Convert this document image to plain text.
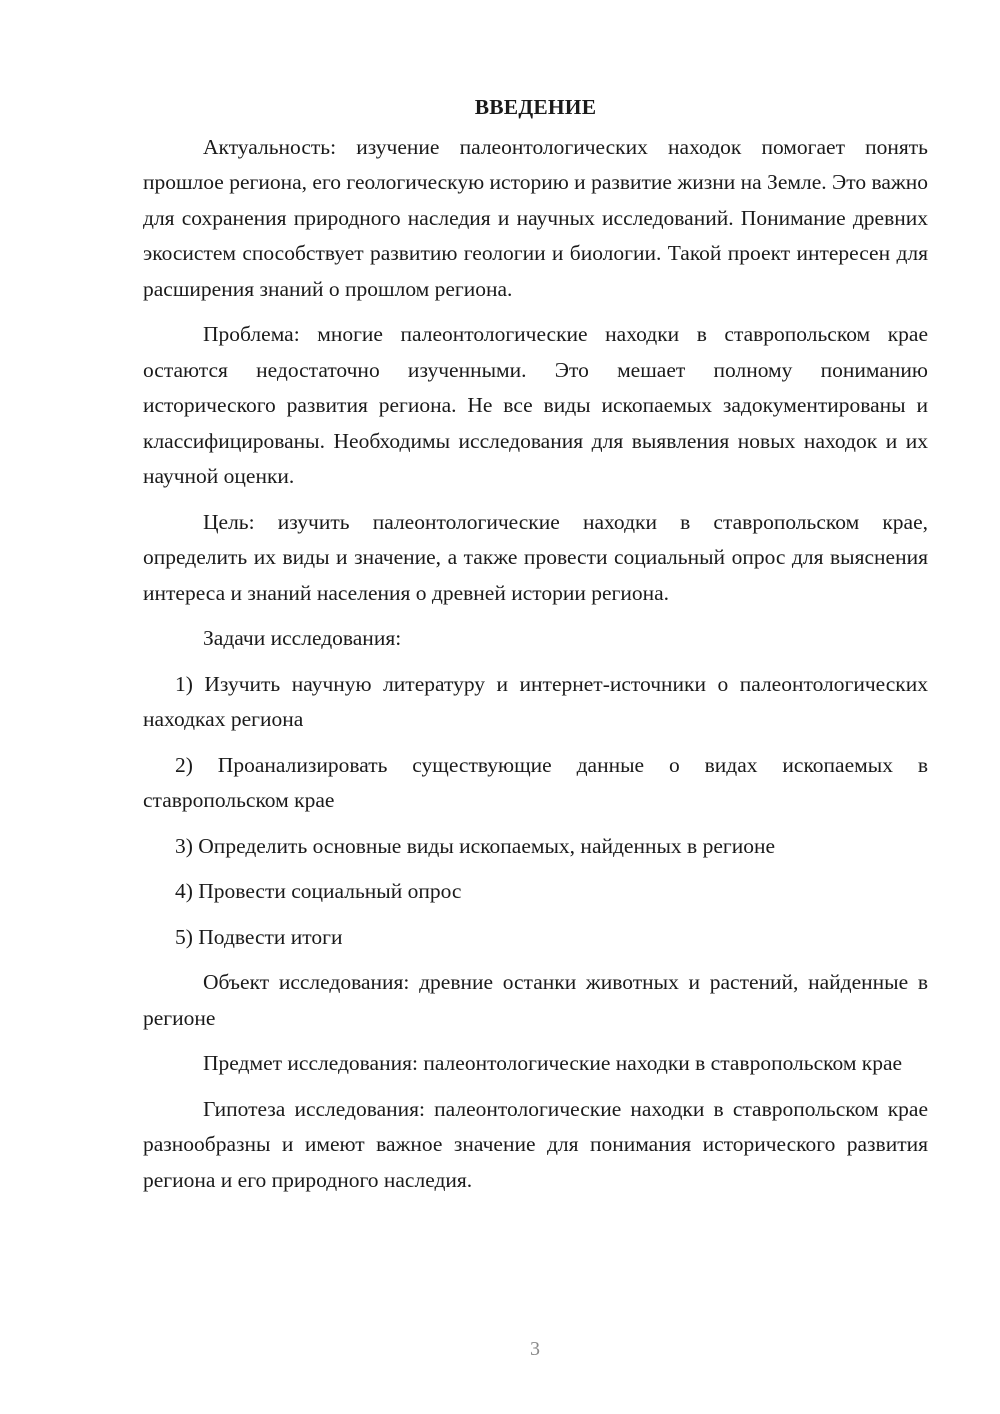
ВВЕДЕНИЕ

Актуальность: изучение палеонтологических находок помогает понять прошлое региона, его геологическую историю и развитие жизни на Земле. Это важно для сохранения природного наследия и научных исследований. Понимание древних экосистем способствует развитию геологии и биологии. Такой проект интересен для расширения знаний о прошлом региона.

Проблема: многие палеонтологические находки в ставропольском крае остаются недостаточно изученными. Это мешает полному пониманию исторического развития региона. Не все виды ископаемых задокументированы и классифицированы. Необходимы исследования для выявления новых находок и их научной оценки.

Цель: изучить палеонтологические находки в ставропольском крае, определить их виды и значение, а также провести социальный опрос для выяснения интереса и знаний населения о древней истории региона.

Задачи исследования:

1) Изучить научную литературу и интернет-источники о палеонтологических находках региона

2) Проанализировать существующие данные о видах ископаемых в ставропольском крае

3) Определить основные виды ископаемых, найденных в регионе

4) Провести социальный опрос

5) Подвести итоги

Объект исследования: древние останки животных и растений, найденные в регионе

Предмет исследования: палеонтологические находки в ставропольском крае

Гипотеза исследования: палеонтологические находки в ставропольском крае разнообразны и имеют важное значение для понимания исторического развития региона и его природного наследия.

3
